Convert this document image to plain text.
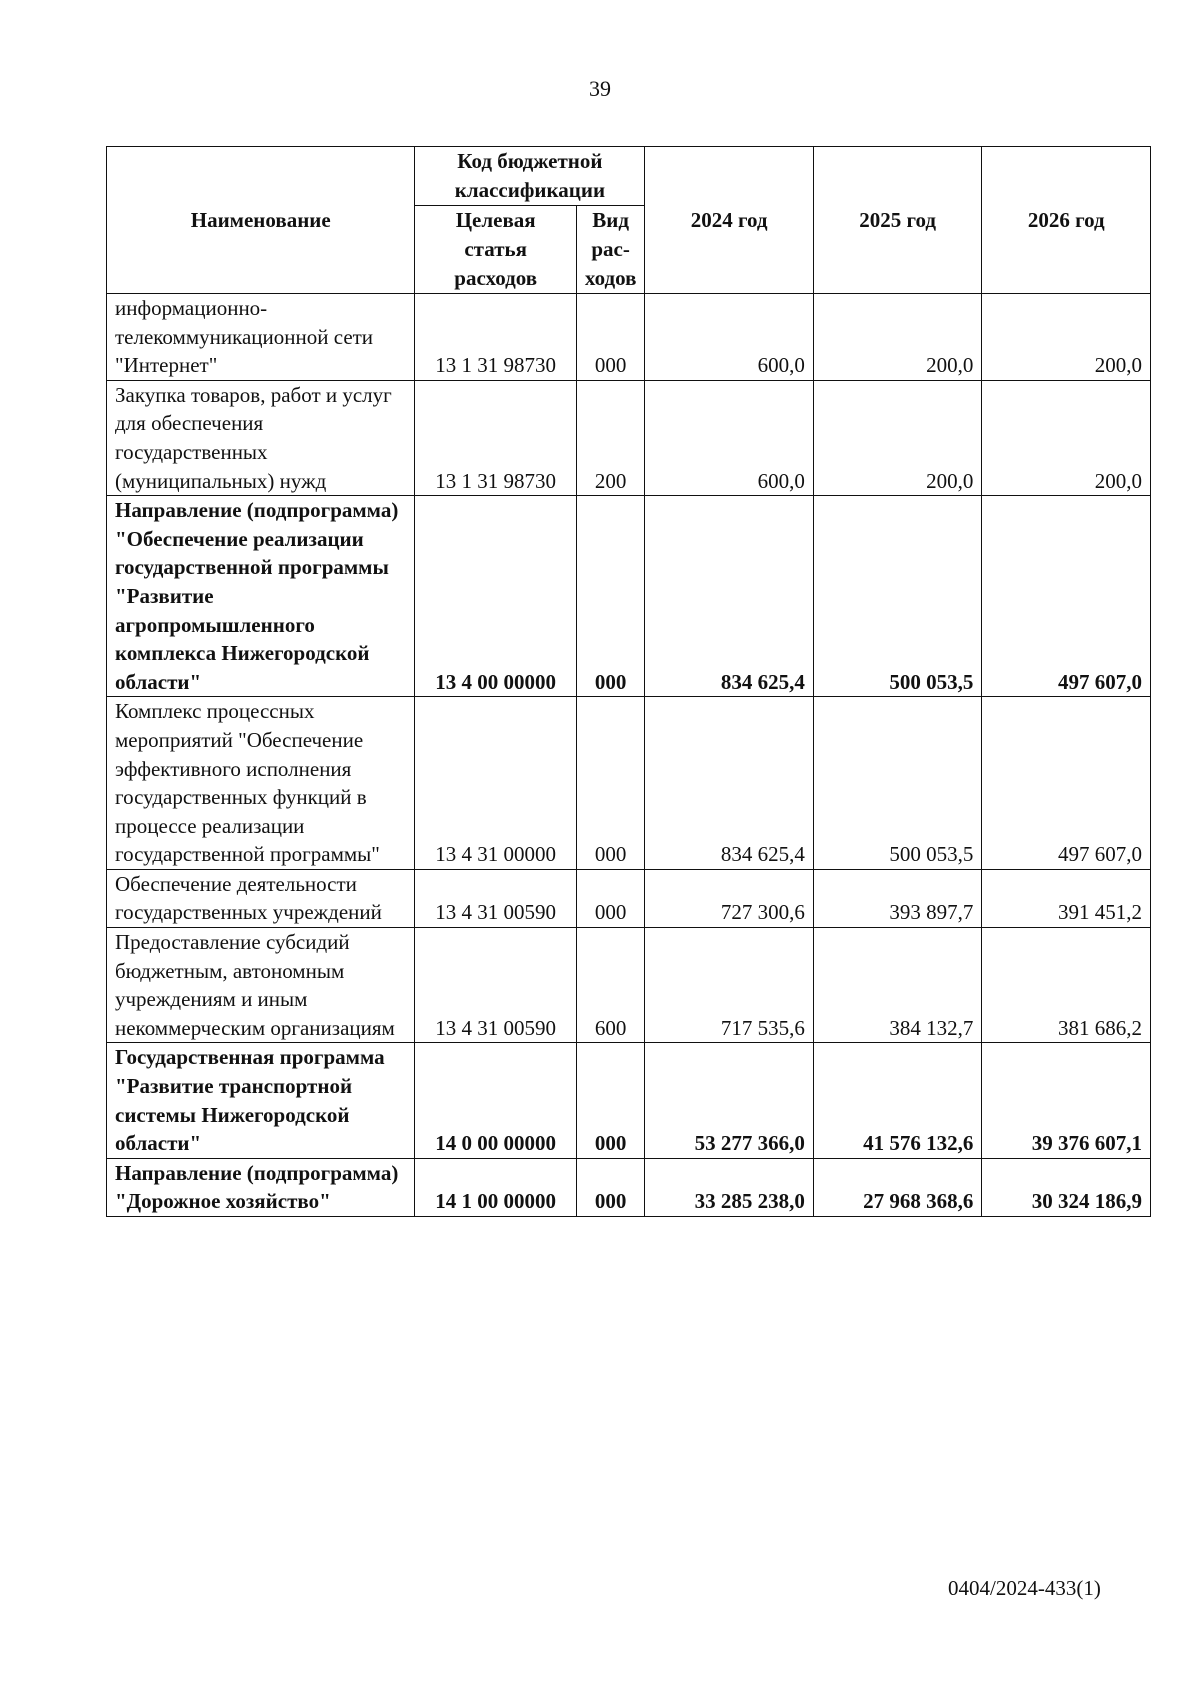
39
Наименование	Код бюджетной классификации		2024 год	2025 год	2026 год
	Целевая статья расходов	Вид рас-ходов			
информационно-телекоммуникационной сети "Интернет"	13 1 31 98730	000	600,0	200,0	200,0
Закупка товаров, работ и услуг для обеспечения государственных (муниципальных) нужд	13 1 31 98730	200	600,0	200,0	200,0
Направление (подпрограмма) "Обеспечение реализации государственной программы "Развитие агропромышленного комплекса Нижегородской области"	13 4 00 00000	000	834 625,4	500 053,5	497 607,0
Комплекс процессных мероприятий "Обеспечение эффективного исполнения государственных функций в процессе реализации государственной программы"	13 4 31 00000	000	834 625,4	500 053,5	497 607,0
Обеспечение деятельности государственных учреждений	13 4 31 00590	000	727 300,6	393 897,7	391 451,2
Предоставление субсидий бюджетным, автономным учреждениям и иным некоммерческим организациям	13 4 31 00590	600	717 535,6	384 132,7	381 686,2
Государственная программа "Развитие транспортной системы Нижегородской области"	14 0 00 00000	000	53 277 366,0	41 576 132,6	39 376 607,1
Направление (подпрограмма) "Дорожное хозяйство"	14 1 00 00000	000	33 285 238,0	27 968 368,6	30 324 186,9
0404/2024-433(1)
